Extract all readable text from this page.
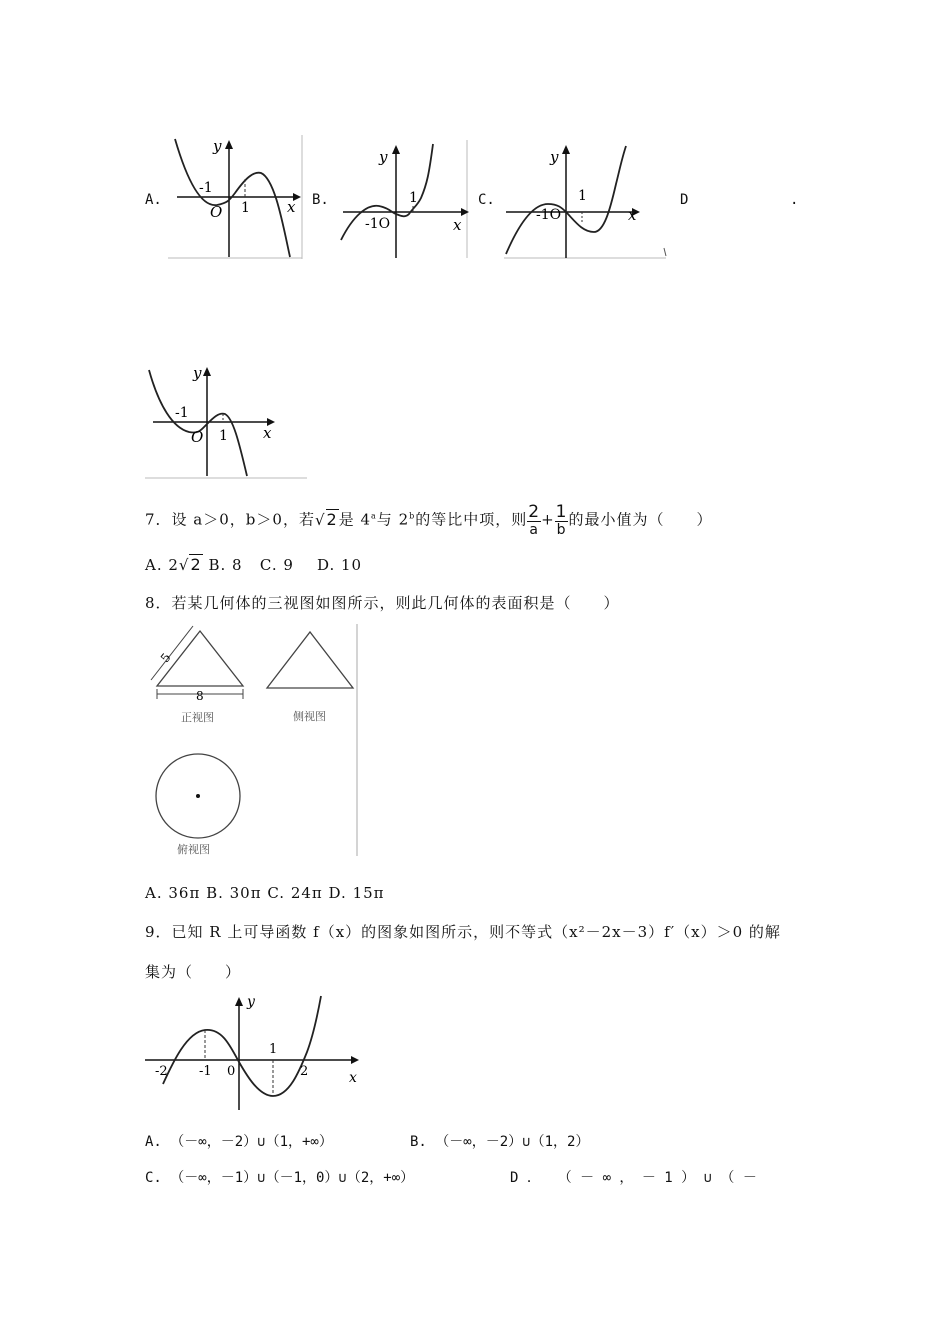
A.
y
x
-1
1
O
B.
y
x
-1O
1	C.
y
x
-1O
1	D	.
y
x
-1
1
O
7．设 a＞0，b＞0，若√2是 4$^a$与 2$^b$的等比中项，则 $\frac{2}{a} + \frac{1}{b}$ 的最小值为（　　）
A. 2√2 B. 8 C. 9 D. 10
8．若某几何体的三视图如图所示，则此几何体的表面积是（　　）
5
8
正视图	侧视图
俯视图
A. 36π B. 30π C. 24π D. 15π
9．已知 R 上可导函数 f（x）的图象如图所示，则不等式（x²－2x－3）f′（x）＞0 的解
集为（　　）
y
x
-2 -1 0
1
2
A. （－∞，－2）∪（1，+∞）	B. （－∞，－2）∪（1，2）
C. （－∞，－1）∪（－1，0）∪（2，+∞）	D ．  （ － ∞ ， － 1 ） ∪ （ －
